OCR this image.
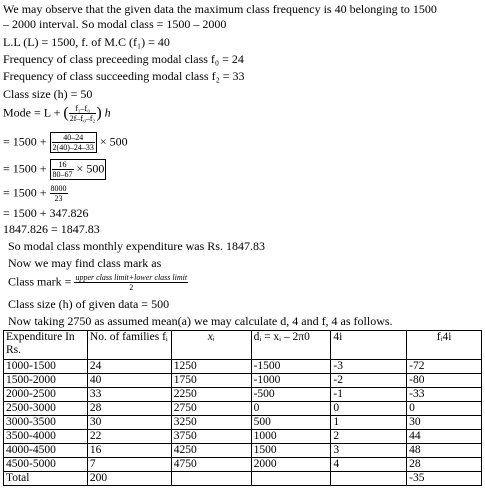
We may observe that the given data the maximum class frequency is 40 belonging to 1500
– 2000 interval. So modal class = 1500 – 2000
L.L (L) = 1500, f. of M.C (f₁) = 40
Frequency of class preceeding modal class f₀ = 24
Frequency of class succeeding modal class f₂ = 33
Class size (h) = 50
Mode = L + ( $\frac{\text{f₁–f₀}}{\text{2f–f₀–f₂}}$ ) h
= $1500 + \frac{40-24}{2(40)-24-33} \times 500$
= $1500 + \frac{16}{80-67} \times 500$
= $1500 + \frac{8000}{23}$
= 1500 + 347.826
1847.826 = 1847.83
So modal class monthly expenditure was Rs. 1847.83
Now we may find class mark as
Class mark = $\frac{\text{upper class limit+lower class limit}}{2}$
Class size (h) of given data = 500
Now taking 2750 as assumed mean(a) we may calculate d, 4 and f, 4 as follows.
Expenditure In Rs.	No. of families fᵢ	xᵢ	dᵢ = xᵢ – 2π0	4i	fᵢ4i
1000-1500	24	1250	-1500	-3	-72
1500-2000	40	1750	-1000	-2	-80
2000-2500	33	2250	-500	-1	-33
2500-3000	28	2750	0	0	0
3000-3500	30	3250	500	1	30
3500-4000	22	3750	1000	2	44
4000-4500	16	4250	1500	3	48
4500-5000	7	4750	2000	4	28
Total	200				-35
